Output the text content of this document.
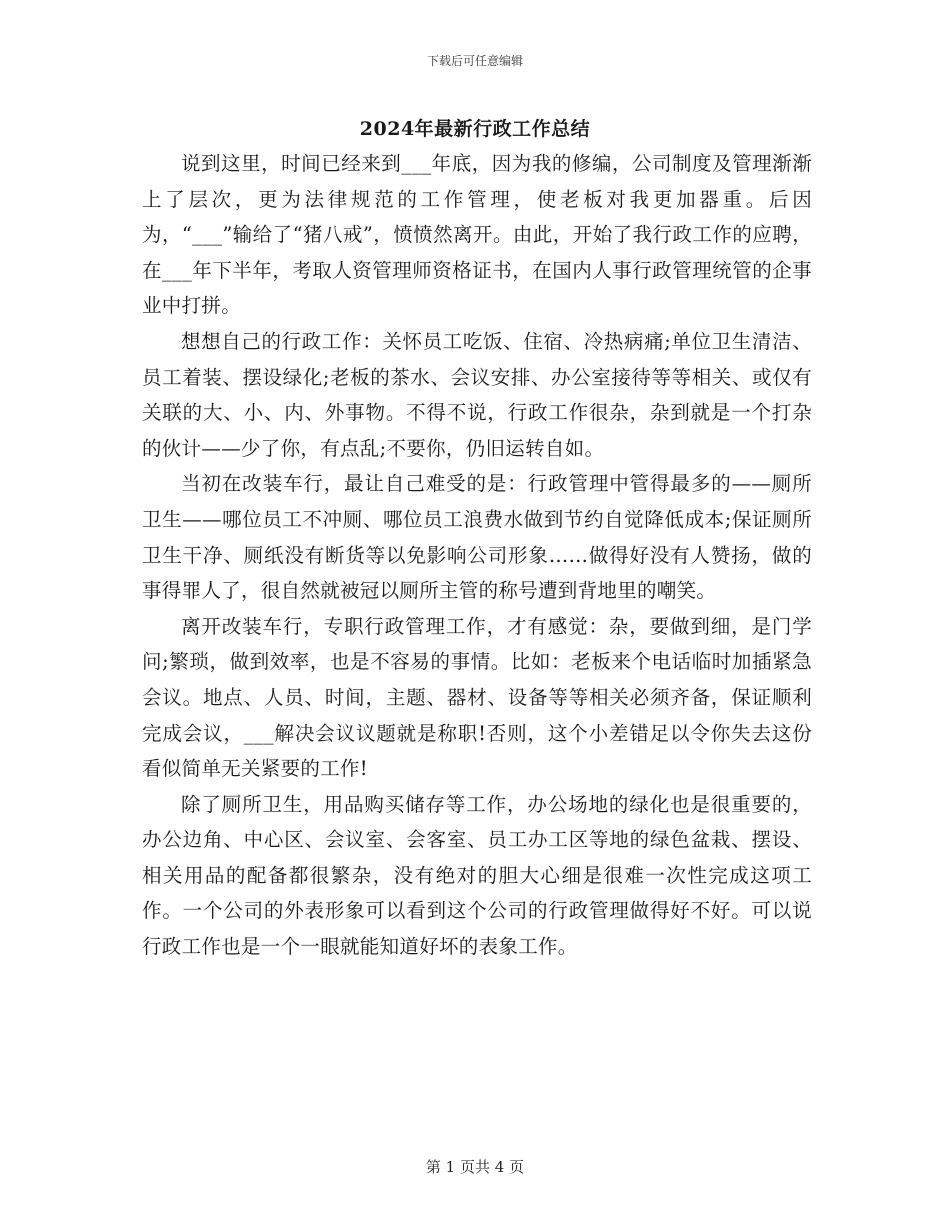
下载后可任意编辑
2024年最新行政工作总结

说到这里，时间已经来到___年底，因为我的修编，公司制度及管理渐渐上了层次，更为法律规范的工作管理，使老板对我更加器重。后因为，“___”输给了“猪八戒”，愤愤然离开。由此，开始了我行政工作的应聘，在___年下半年，考取人资管理师资格证书，在国内人事行政管理统管的企事业中打拼。

想想自己的行政工作：关怀员工吃饭、住宿、冷热病痛;单位卫生清洁、员工着装、摆设绿化;老板的茶水、会议安排、办公室接待等等相关、或仅有关联的大、小、内、外事物。不得不说，行政工作很杂，杂到就是一个打杂的伙计——少了你，有点乱;不要你，仍旧运转自如。

当初在改装车行，最让自己难受的是：行政管理中管得最多的——厕所卫生——哪位员工不冲厕、哪位员工浪费水做到节约自觉降低成本;保证厕所卫生干净、厕纸没有断货等以免影响公司形象……做得好没有人赞扬，做的事得罪人了，很自然就被冠以厕所主管的称号遭到背地里的嘲笑。

离开改装车行，专职行政管理工作，才有感觉：杂，要做到细，是门学问;繁琐，做到效率，也是不容易的事情。比如：老板来个电话临时加插紧急会议。地点、人员、时间，主题、器材、设备等等相关必须齐备，保证顺利完成会议，___解决会议议题就是称职!否则，这个小差错足以令你失去这份看似简单无关紧要的工作!

除了厕所卫生，用品购买储存等工作，办公场地的绿化也是很重要的，办公边角、中心区、会议室、会客室、员工办工区等地的绿色盆栽、摆设、相关用品的配备都很繁杂，没有绝对的胆大心细是很难一次性完成这项工作。一个公司的外表形象可以看到这个公司的行政管理做得好不好。可以说行政工作也是一个一眼就能知道好坏的表象工作。

第 1 页共 4 页
